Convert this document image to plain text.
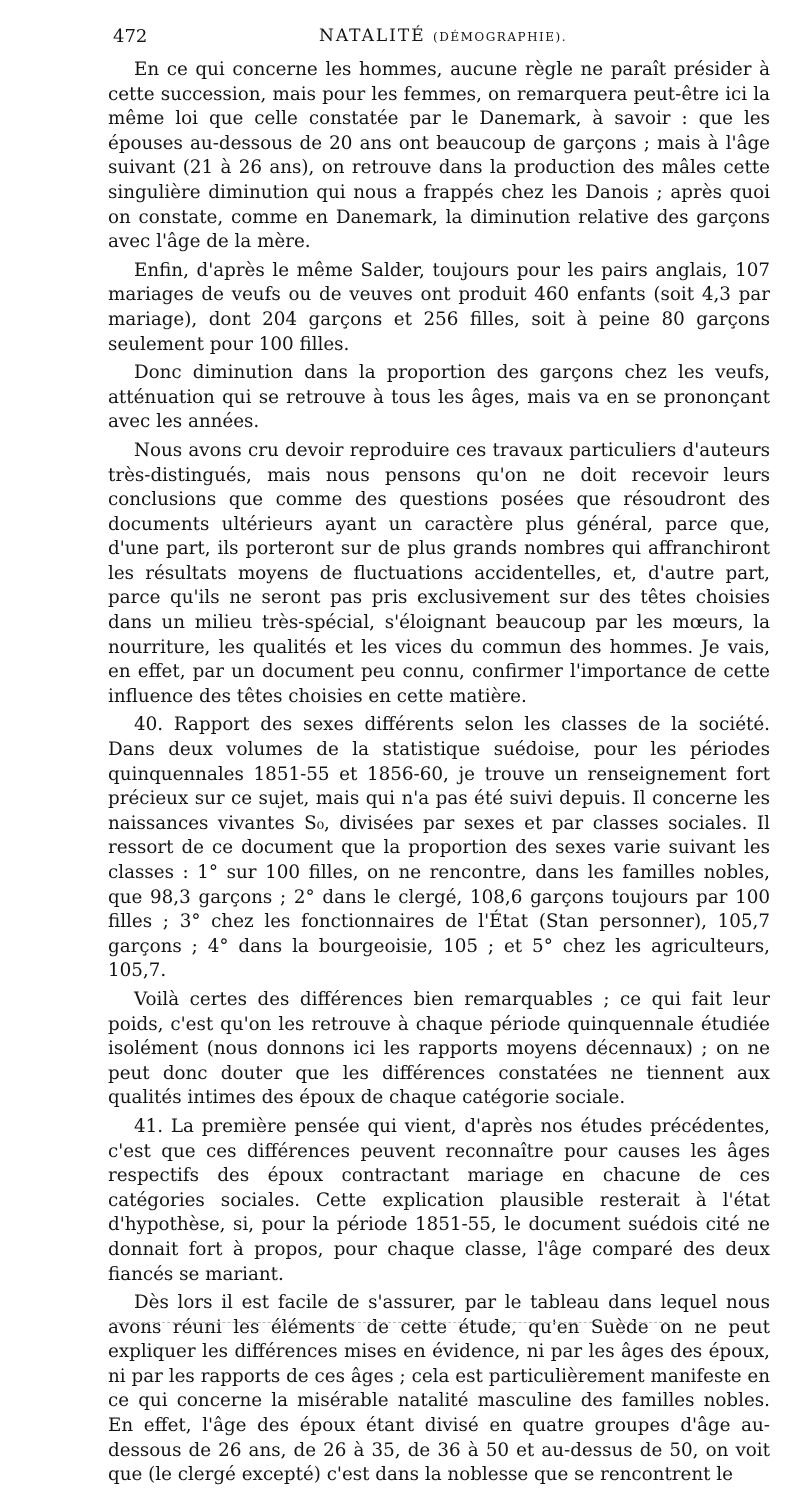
472	NATALITÉ (DÉMOGRAPHIE).

En ce qui concerne les hommes, aucune règle ne paraît présider à cette succession, mais pour les femmes, on remarquera peut-être ici la même loi que celle constatée par le Danemark, à savoir : que les épouses au-dessous de 20 ans ont beaucoup de garçons ; mais à l'âge suivant (21 à 26 ans), on retrouve dans la production des mâles cette singulière diminution qui nous a frappés chez les Danois ; après quoi on constate, comme en Danemark, la diminution relative des garçons avec l'âge de la mère.

Enfin, d'après le même Salder, toujours pour les pairs anglais, 107 mariages de veufs ou de veuves ont produit 460 enfants (soit 4,3 par mariage), dont 204 garçons et 256 filles, soit à peine 80 garçons seulement pour 100 filles.

Donc diminution dans la proportion des garçons chez les veufs, atténuation qui se retrouve à tous les âges, mais va en se prononçant avec les années.

Nous avons cru devoir reproduire ces travaux particuliers d'auteurs très-distingués, mais nous pensons qu'on ne doit recevoir leurs conclusions que comme des questions posées que résoudront des documents ultérieurs ayant un caractère plus général, parce que, d'une part, ils porteront sur de plus grands nombres qui affranchiront les résultats moyens de fluctuations accidentelles, et, d'autre part, parce qu'ils ne seront pas pris exclusivement sur des têtes choisies dans un milieu très-spécial, s'éloignant beaucoup par les mœurs, la nourriture, les qualités et les vices du commun des hommes. Je vais, en effet, par un document peu connu, confirmer l'importance de cette influence des têtes choisies en cette matière.

40. Rapport des sexes différents selon les classes de la société. Dans deux volumes de la statistique suédoise, pour les périodes quinquennales 1851-55 et 1856-60, je trouve un renseignement fort précieux sur ce sujet, mais qui n'a pas été suivi depuis. Il concerne les naissances vivantes S₀, divisées par sexes et par classes sociales. Il ressort de ce document que la proportion des sexes varie suivant les classes : 1° sur 100 filles, on ne rencontre, dans les familles nobles, que 98,3 garçons ; 2° dans le clergé, 108,6 garçons toujours par 100 filles ; 3° chez les fonctionnaires de l'État (Stan personner), 105,7 garçons ; 4° dans la bourgeoisie, 105 ; et 5° chez les agriculteurs, 105,7.

Voilà certes des différences bien remarquables ; ce qui fait leur poids, c'est qu'on les retrouve à chaque période quinquennale étudiée isolément (nous donnons ici les rapports moyens décennaux) ; on ne peut donc douter que les différences constatées ne tiennent aux qualités intimes des époux de chaque catégorie sociale.

41. La première pensée qui vient, d'après nos études précédentes, c'est que ces différences peuvent reconnaître pour causes les âges respectifs des époux contractant mariage en chacune de ces catégories sociales. Cette explication plausible resterait à l'état d'hypothèse, si, pour la période 1851-55, le document suédois cité ne donnait fort à propos, pour chaque classe, l'âge comparé des deux fiancés se mariant.

Dès lors il est facile de s'assurer, par le tableau dans lequel nous avons réuni les éléments de cette étude, qu'en Suède on ne peut expliquer les différences mises en évidence, ni par les âges des époux, ni par les rapports de ces âges ; cela est particulièrement manifeste en ce qui concerne la misérable natalité masculine des familles nobles. En effet, l'âge des époux étant divisé en quatre groupes d'âge au-dessous de 26 ans, de 26 à 35, de 36 à 50 et au-dessus de 50, on voit que (le clergé excepté) c'est dans la noblesse que se rencontrent le
